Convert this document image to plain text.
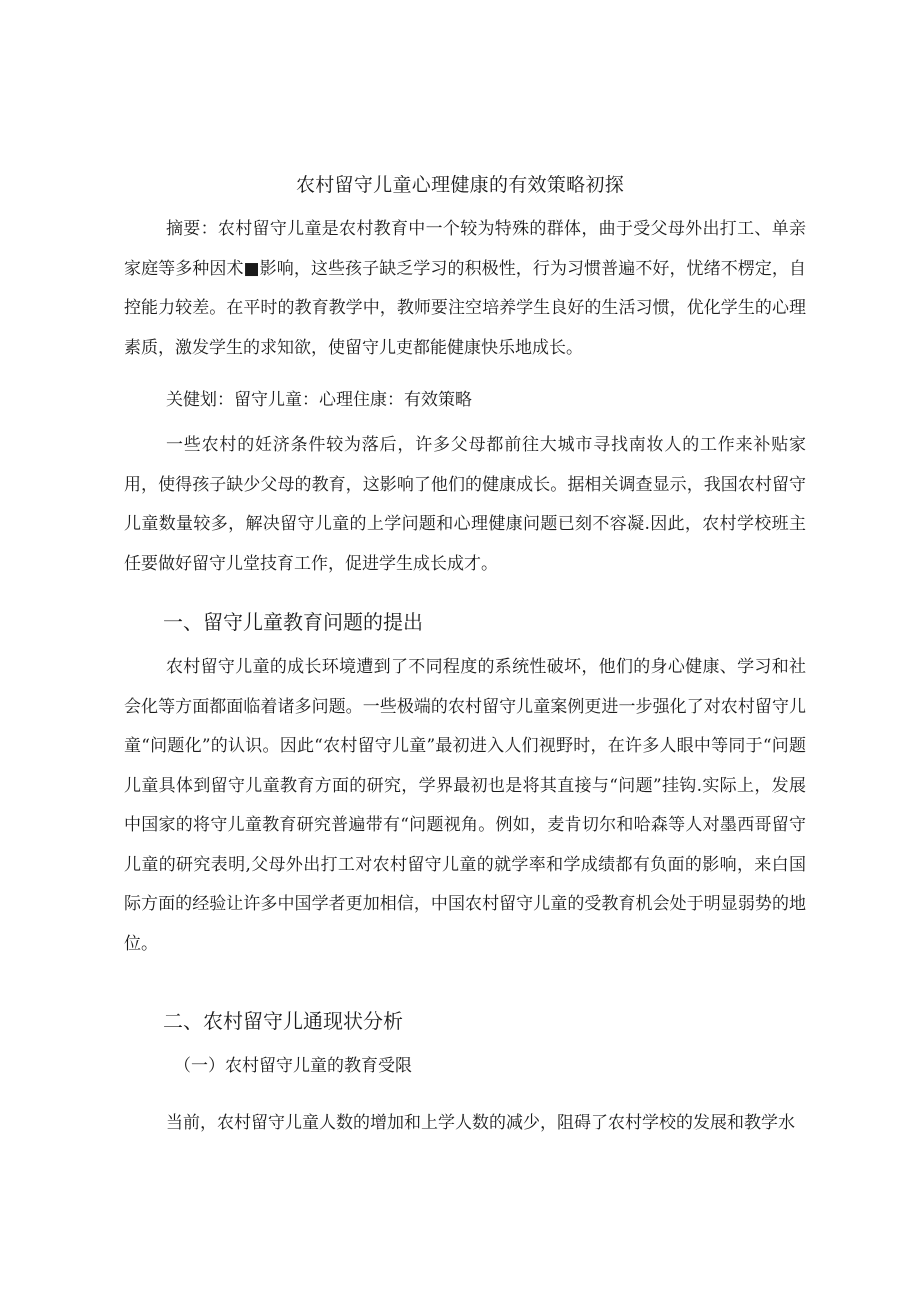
农村留守儿童心理健康的有效策略初探

摘要：农村留守儿童是农村教育中一个较为特殊的群体，曲于受父母外出打工、单亲家庭等多种因术■影响，这些孩子缺乏学习的积极性，行为习惯普遍不好，忧绪不楞定，自控能力较差。在平时的教育教学中，教师要注空培养学生良好的生活习惯，优化学生的心理素质，激发学生的求知欲，使留守儿吏都能健康快乐地成长。

关健划：留守儿童：心理住康：有效策略

一些农村的妊济条件较为落后，许多父母都前往大城市寻找南妆人的工作来补贴家用，使得孩子缺少父母的教育，这影响了他们的健康成长。据相关调查显示，我国农村留守儿童数量较多，解决留守儿童的上学问题和心理健康问题已刻不容凝.因此，农村学校班主任要做好留守儿堂技育工作，促进学生成长成才。

一、留守儿童教育问题的提出

农村留守儿童的成长环境遭到了不同程度的系统性破坏，他们的身心健康、学习和社会化等方面都面临着诸多问题。一些极端的农村留守儿童案例更进一步强化了对农村留守儿童“问题化”的认识。因此“农村留守儿童”最初进入人们视野时，在许多人眼中等同于“问题儿童具体到留守儿童教育方面的研究，学界最初也是将其直接与“问题”挂钩.实际上，发展中国家的将守儿童教育研究普遍带有“问题视角。例如，麦肯切尔和哈森等人对墨西哥留守儿童的研究表明,父母外出打工对农村留守儿童的就学率和学成绩都有负面的影响，来白国际方面的经验让许多中国学者更加相信，中国农村留守儿童的受教育机会处于明显弱势的地位。

二、农村留守儿通现状分析

（一）农村留守儿童的教育受限

当前，农村留守儿童人数的增加和上学人数的减少，阻碍了农村学校的发展和教学水
